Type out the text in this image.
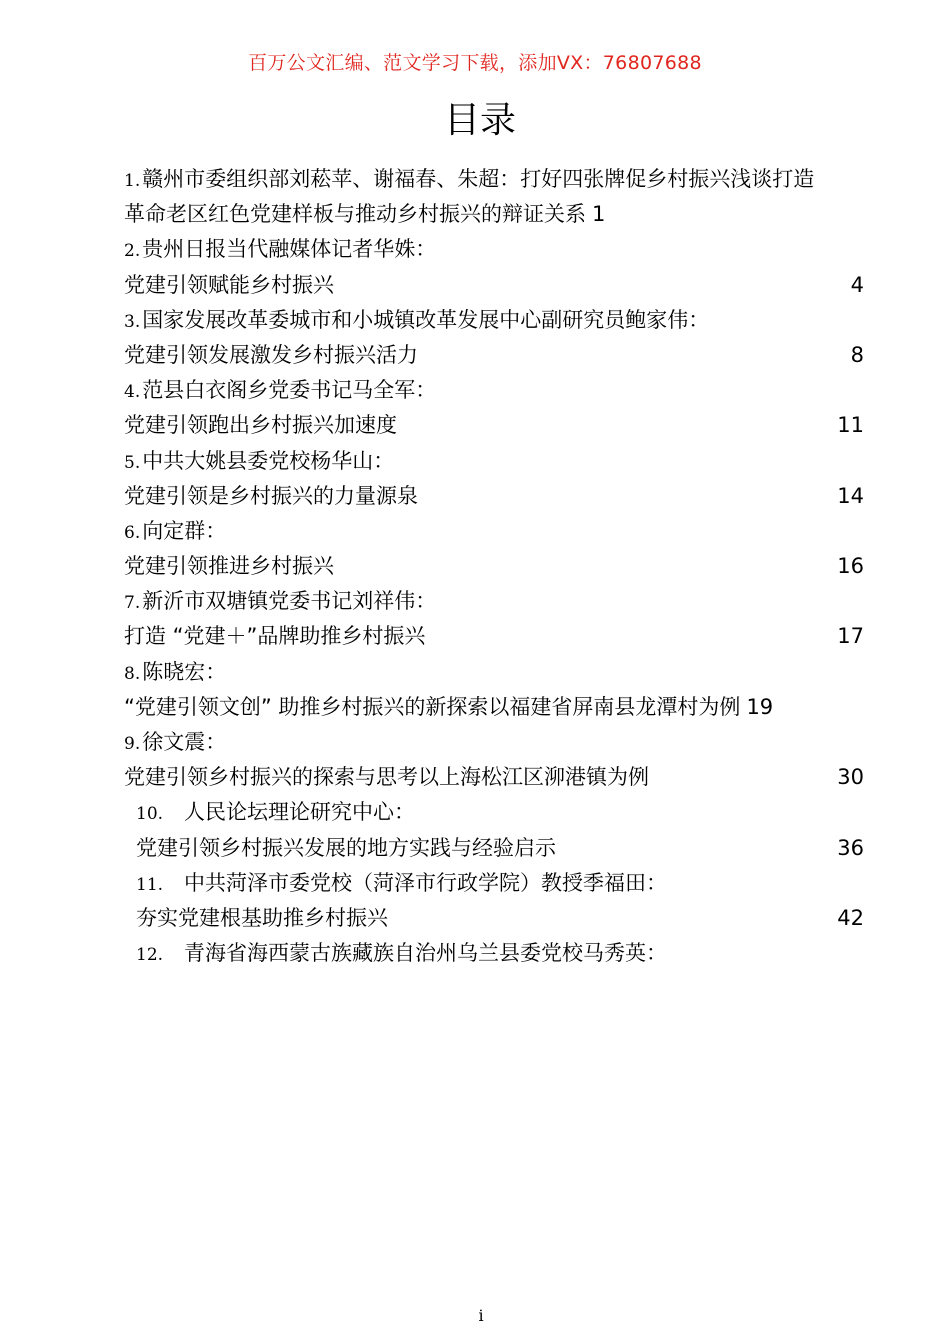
百万公文汇编、范文学习下载，添加VX：76807688
目录
1.赣州市委组织部刘菘苹、谢福春、朱超：打好四张牌促乡村振兴浅谈打造
革命老区红色党建样板与推动乡村振兴的辩证关系 1
2.贵州日报当代融媒体记者华姝：
党建引领赋能乡村振兴	4
3.国家发展改革委城市和小城镇改革发展中心副研究员鲍家伟：
党建引领发展激发乡村振兴活力	8
4.范县白衣阁乡党委书记马全军：
党建引领跑出乡村振兴加速度	11
5.中共大姚县委党校杨华山：
党建引领是乡村振兴的力量源泉	14
6.向定群：
党建引领推进乡村振兴	16
7.新沂市双塘镇党委书记刘祥伟：
打造 “党建＋”品牌助推乡村振兴	17
8.陈晓宏：
“党建引领文创” 助推乡村振兴的新探索以福建省屏南县龙潭村为例 19
9.徐文震：
党建引领乡村振兴的探索与思考以上海松江区泖港镇为例	30
10. 人民论坛理论研究中心：
党建引领乡村振兴发展的地方实践与经验启示	36
11. 中共菏泽市委党校（菏泽市行政学院）教授季福田：
夯实党建根基助推乡村振兴	42
12. 青海省海西蒙古族藏族自治州乌兰县委党校马秀英：
i
